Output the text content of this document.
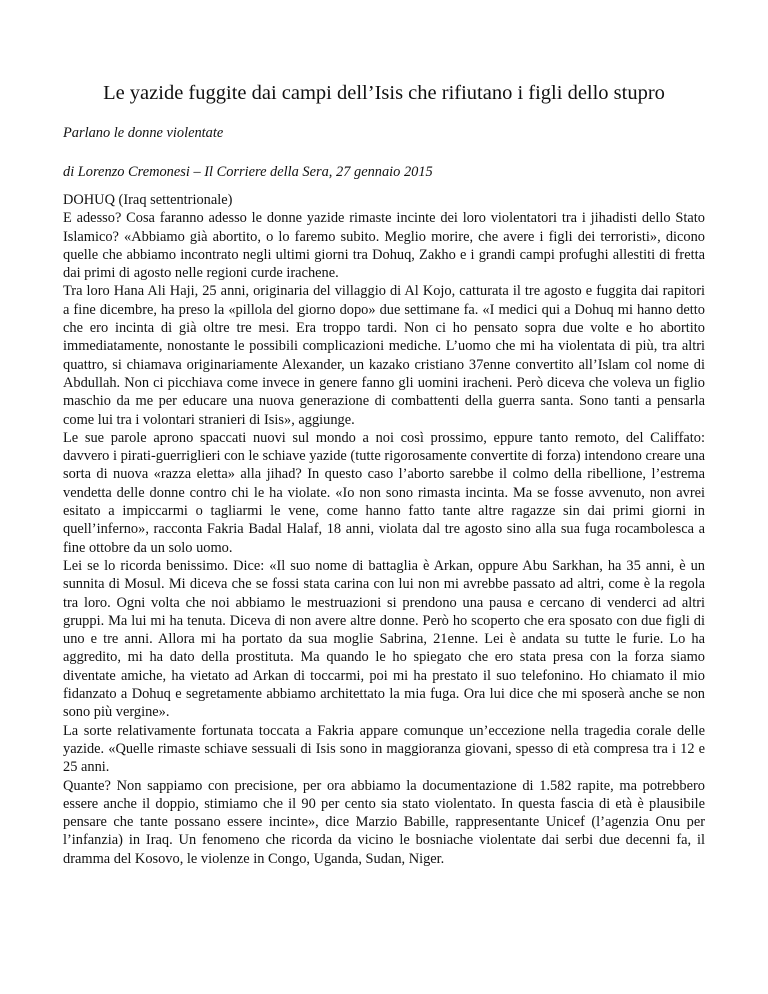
Le yazide fuggite dai campi dell’Isis che rifiutano i figli dello stupro

Parlano le donne violentate

di Lorenzo Cremonesi – Il Corriere della Sera, 27 gennaio 2015

DOHUQ (Iraq settentrionale)

E adesso? Cosa faranno adesso le donne yazide rimaste incinte dei loro violentatori tra i jihadisti dello Stato Islamico? «Abbiamo già abortito, o lo faremo subito. Meglio morire, che avere i figli dei terroristi», dicono quelle che abbiamo incontrato negli ultimi giorni tra Dohuq, Zakho e i grandi campi profughi allestiti di fretta dai primi di agosto nelle regioni curde irachene.

Tra loro Hana Ali Haji, 25 anni, originaria del villaggio di Al Kojo, catturata il tre agosto e fuggita dai rapitori a fine dicembre, ha preso la «pillola del giorno dopo» due settimane fa. «I medici qui a Dohuq mi hanno detto che ero incinta di già oltre tre mesi. Era troppo tardi. Non ci ho pensato sopra due volte e ho abortito immediatamente, nonostante le possibili complicazioni mediche. L’uomo che mi ha violentata di più, tra altri quattro, si chiamava originariamente Alexander, un kazako cristiano 37enne convertito all’Islam col nome di Abdullah. Non ci picchiava come invece in genere fanno gli uomini iracheni. Però diceva che voleva un figlio maschio da me per educare una nuova generazione di combattenti della guerra santa. Sono tanti a pensarla come lui tra i volontari stranieri di Isis», aggiunge.

Le sue parole aprono spaccati nuovi sul mondo a noi così prossimo, eppure tanto remoto, del Califfato: davvero i pirati-guerriglieri con le schiave yazide (tutte rigorosamente convertite di forza) intendono creare una sorta di nuova «razza eletta» alla jihad? In questo caso l’aborto sarebbe il colmo della ribellione, l’estrema vendetta delle donne contro chi le ha violate. «Io non sono rimasta incinta. Ma se fosse avvenuto, non avrei esitato a impiccarmi o tagliarmi le vene, come hanno fatto tante altre ragazze sin dai primi giorni in quell’inferno», racconta Fakria Badal Halaf, 18 anni, violata dal tre agosto sino alla sua fuga rocambolesca a fine ottobre da un solo uomo.

Lei se lo ricorda benissimo. Dice: «Il suo nome di battaglia è Arkan, oppure Abu Sarkhan, ha 35 anni, è un sunnita di Mosul. Mi diceva che se fossi stata carina con lui non mi avrebbe passato ad altri, come è la regola tra loro. Ogni volta che noi abbiamo le mestruazioni si prendono una pausa e cercano di venderci ad altri gruppi. Ma lui mi ha tenuta. Diceva di non avere altre donne. Però ho scoperto che era sposato con due figli di uno e tre anni. Allora mi ha portato da sua moglie Sabrina, 21enne. Lei è andata su tutte le furie. Lo ha aggredito, mi ha dato della prostituta. Ma quando le ho spiegato che ero stata presa con la forza siamo diventate amiche, ha vietato ad Arkan di toccarmi, poi mi ha prestato il suo telefonino. Ho chiamato il mio fidanzato a Dohuq e segretamente abbiamo architettato la mia fuga. Ora lui dice che mi sposerà anche se non sono più vergine».

La sorte relativamente fortunata toccata a Fakria appare comunque un’eccezione nella tragedia corale delle yazide. «Quelle rimaste schiave sessuali di Isis sono in maggioranza giovani, spesso di età compresa tra i 12 e 25 anni.

Quante? Non sappiamo con precisione, per ora abbiamo la documentazione di 1.582 rapite, ma potrebbero essere anche il doppio, stimiamo che il 90 per cento sia stato violentato. In questa fascia di età è plausibile pensare che tante possano essere incinte», dice Marzio Babille, rappresentante Unicef (l’agenzia Onu per l’infanzia) in Iraq. Un fenomeno che ricorda da vicino le bosniache violentate dai serbi due decenni fa, il dramma del Kosovo, le violenze in Congo, Uganda, Sudan, Niger.
